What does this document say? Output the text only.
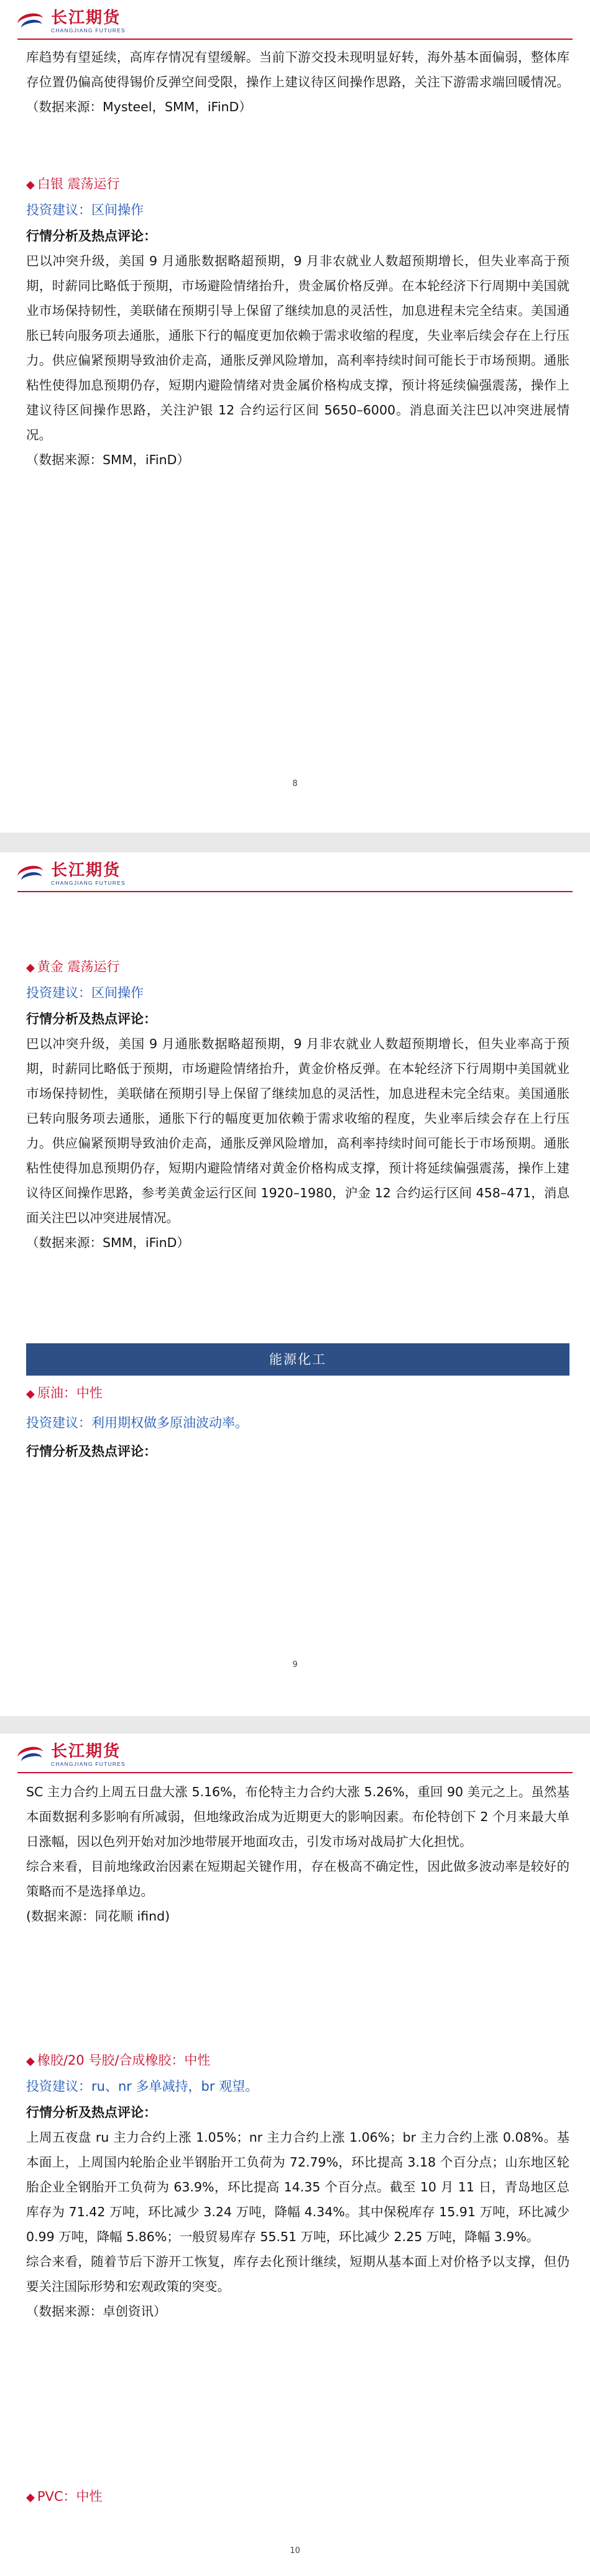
长江期货
CHANGJIANG FUTURES

库趋势有望延续，高库存情况有望缓解。当前下游交投未现明显好转，海外基本面偏弱，整体库存位置仍偏高使得锡价反弹空间受限，操作上建议待区间操作思路，关注下游需求端回暖情况。（数据来源：Mysteel，SMM，iFinD）

◆ 白银 震荡运行

投资建议：区间操作

行情分析及热点评论：

巴以冲突升级，美国 9 月通胀数据略超预期，9 月非农就业人数超预期增长，但失业率高于预期，时薪同比略低于预期，市场避险情绪抬升，贵金属价格反弹。在本轮经济下行周期中美国就业市场保持韧性，美联储在预期引导上保留了继续加息的灵活性，加息进程未完全结束。美国通胀已转向服务项去通胀，通胀下行的幅度更加依赖于需求收缩的程度，失业率后续会存在上行压力。供应偏紧预期导致油价走高，通胀反弹风险增加，高利率持续时间可能长于市场预期。通胀粘性使得加息预期仍存，短期内避险情绪对贵金属价格构成支撑，预计将延续偏强震荡，操作上建议待区间操作思路，关注沪银 12 合约运行区间 5650–6000。消息面关注巴以冲突进展情况。

（数据来源：SMM，iFinD）

8
长江期货
CHANGJIANG FUTURES

◆ 黄金 震荡运行

投资建议：区间操作

行情分析及热点评论：

巴以冲突升级，美国 9 月通胀数据略超预期，9 月非农就业人数超预期增长，但失业率高于预期，时薪同比略低于预期，市场避险情绪抬升，黄金价格反弹。在本轮经济下行周期中美国就业市场保持韧性，美联储在预期引导上保留了继续加息的灵活性，加息进程未完全结束。美国通胀已转向服务项去通胀，通胀下行的幅度更加依赖于需求收缩的程度，失业率后续会存在上行压力。供应偏紧预期导致油价走高，通胀反弹风险增加，高利率持续时间可能长于市场预期。通胀粘性使得加息预期仍存，短期内避险情绪对黄金价格构成支撑，预计将延续偏强震荡，操作上建议待区间操作思路，参考美黄金运行区间 1920–1980，沪金 12 合约运行区间 458–471，消息面关注巴以冲突进展情况。

（数据来源：SMM，iFinD）

能源化工

◆ 原油：中性

投资建议：利用期权做多原油波动率。

行情分析及热点评论：

9
长江期货
CHANGJIANG FUTURES

SC 主力合约上周五日盘大涨 5.16%，布伦特主力合约大涨 5.26%，重回 90 美元之上。虽然基本面数据利多影响有所减弱，但地缘政治成为近期更大的影响因素。布伦特创下 2 个月来最大单日涨幅，因以色列开始对加沙地带展开地面攻击，引发市场对战局扩大化担忧。

综合来看，目前地缘政治因素在短期起关键作用，存在极高不确定性，因此做多波动率是较好的策略而不是选择单边。

(数据来源：同花顺 ifind)

◆ 橡胶/20 号胶/合成橡胶：中性

投资建议：ru、nr 多单减持，br 观望。

行情分析及热点评论：

上周五夜盘 ru 主力合约上涨 1.05%；nr 主力合约上涨 1.06%；br 主力合约上涨 0.08%。基本面上，上周国内轮胎企业半钢胎开工负荷为 72.79%，环比提高 3.18 个百分点；山东地区轮胎企业全钢胎开工负荷为 63.9%，环比提高 14.35 个百分点。截至 10 月 11 日，青岛地区总库存为 71.42 万吨，环比减少 3.24 万吨，降幅 4.34%。其中保税库存 15.91 万吨，环比减少 0.99 万吨，降幅 5.86%；一般贸易库存 55.51 万吨，环比减少 2.25 万吨，降幅 3.9%。

综合来看，随着节后下游开工恢复，库存去化预计继续，短期从基本面上对价格予以支撑，但仍要关注国际形势和宏观政策的突变。

（数据来源：卓创资讯）

◆ PVC：中性

10
